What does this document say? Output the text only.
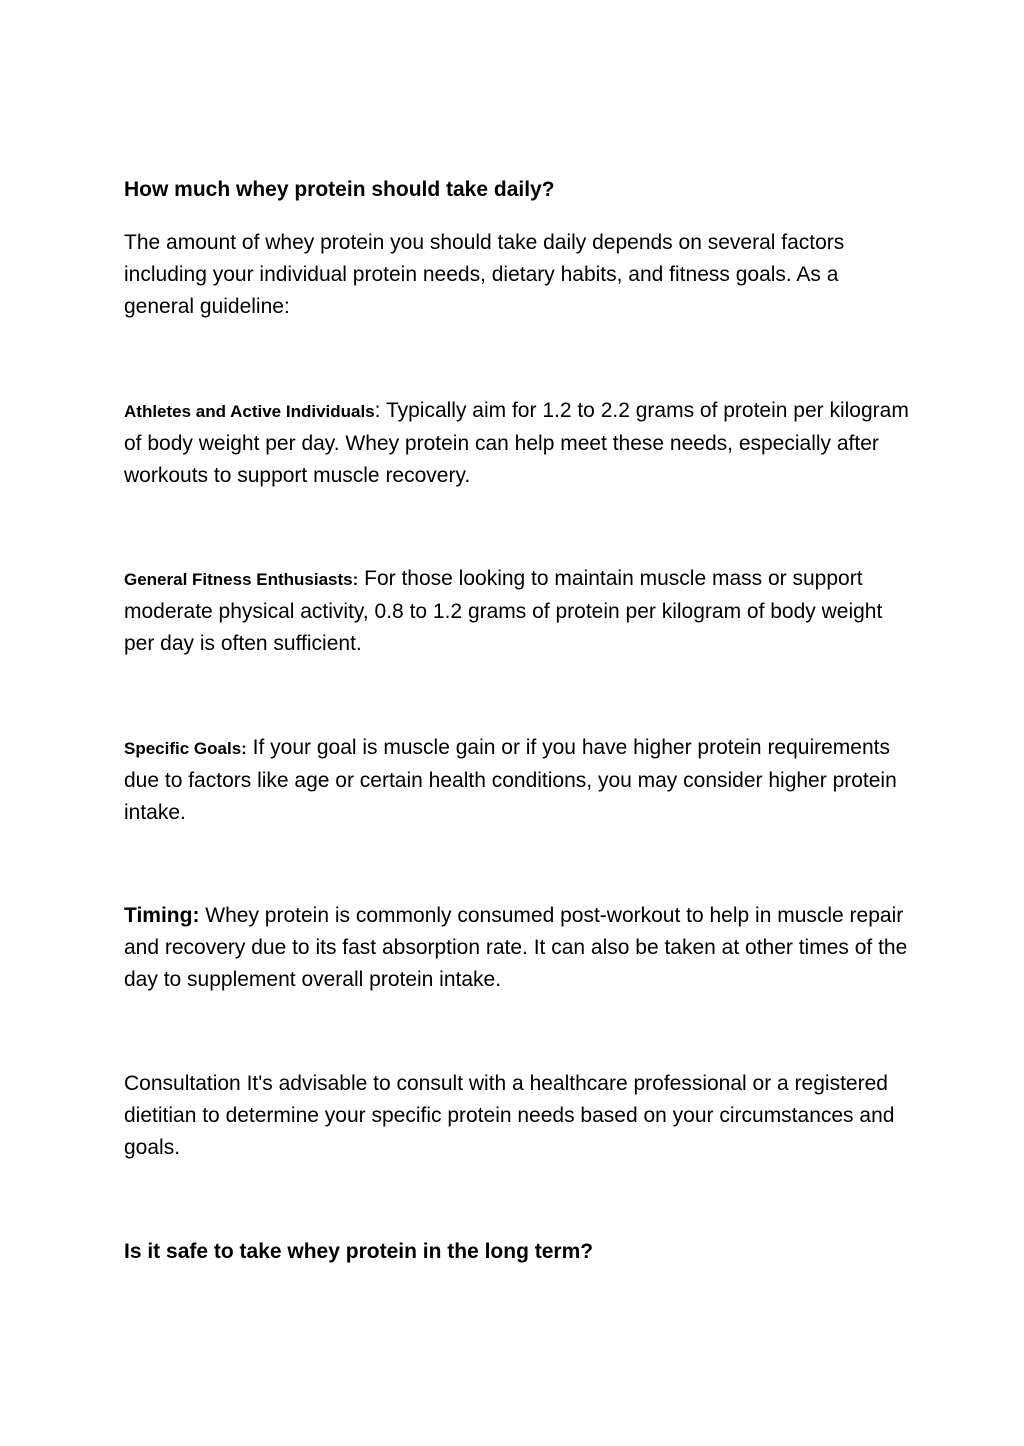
How much whey protein should take daily?

The amount of whey protein you should take daily depends on several factors including your individual protein needs, dietary habits, and fitness goals. As a general guideline:

Athletes and Active Individuals: Typically aim for 1.2 to 2.2 grams of protein per kilogram of body weight per day. Whey protein can help meet these needs, especially after workouts to support muscle recovery.

General Fitness Enthusiasts: For those looking to maintain muscle mass or support moderate physical activity, 0.8 to 1.2 grams of protein per kilogram of body weight per day is often sufficient.

Specific Goals: If your goal is muscle gain or if you have higher protein requirements due to factors like age or certain health conditions, you may consider higher protein intake.

Timing: Whey protein is commonly consumed post-workout to help in muscle repair and recovery due to its fast absorption rate. It can also be taken at other times of the day to supplement overall protein intake.

Consultation It's advisable to consult with a healthcare professional or a registered dietitian to determine your specific protein needs based on your circumstances and goals.

Is it safe to take whey protein in the long term?
